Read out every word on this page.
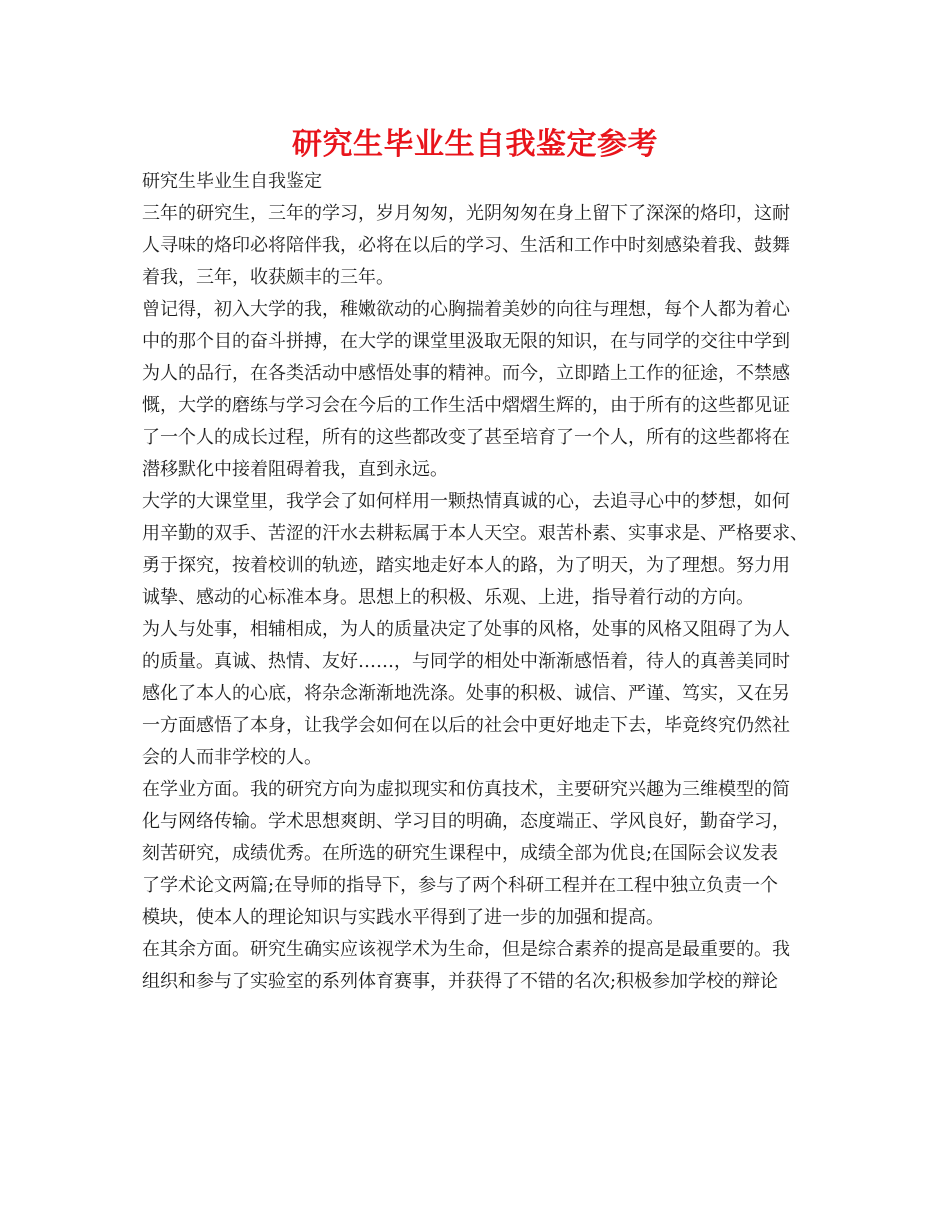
研究生毕业生自我鉴定参考
研究生毕业生自我鉴定
三年的研究生，三年的学习，岁月匆匆，光阴匆匆在身上留下了深深的烙印，这耐
人寻味的烙印必将陪伴我，必将在以后的学习、生活和工作中时刻感染着我、鼓舞
着我，三年，收获颇丰的三年。
曾记得，初入大学的我，稚嫩欲动的心胸揣着美妙的向往与理想，每个人都为着心
中的那个目的奋斗拼搏，在大学的课堂里汲取无限的知识，在与同学的交往中学到
为人的品行，在各类活动中感悟处事的精神。而今，立即踏上工作的征途，不禁感
慨，大学的磨练与学习会在今后的工作生活中熠熠生辉的，由于所有的这些都见证
了一个人的成长过程，所有的这些都改变了甚至培育了一个人，所有的这些都将在
潜移默化中接着阻碍着我，直到永远。
大学的大课堂里，我学会了如何样用一颗热情真诚的心，去追寻心中的梦想，如何
用辛勤的双手、苦涩的汗水去耕耘属于本人天空。艰苦朴素、实事求是、严格要求、
勇于探究，按着校训的轨迹，踏实地走好本人的路，为了明天，为了理想。努力用
诚挚、感动的心标准本身。思想上的积极、乐观、上进，指导着行动的方向。
为人与处事，相辅相成，为人的质量决定了处事的风格，处事的风格又阻碍了为人
的质量。真诚、热情、友好……，与同学的相处中渐渐感悟着，待人的真善美同时
感化了本人的心底，将杂念渐渐地洗涤。处事的积极、诚信、严谨、笃实，又在另
一方面感悟了本身，让我学会如何在以后的社会中更好地走下去，毕竟终究仍然社
会的人而非学校的人。
在学业方面。我的研究方向为虚拟现实和仿真技术，主要研究兴趣为三维模型的简
化与网络传输。学术思想爽朗、学习目的明确，态度端正、学风良好，勤奋学习，
刻苦研究，成绩优秀。在所选的研究生课程中，成绩全部为优良;在国际会议发表
了学术论文两篇;在导师的指导下，参与了两个科研工程并在工程中独立负责一个
模块，使本人的理论知识与实践水平得到了进一步的加强和提高。
在其余方面。研究生确实应该视学术为生命，但是综合素养的提高是最重要的。我
组织和参与了实验室的系列体育赛事，并获得了不错的名次;积极参加学校的辩论
